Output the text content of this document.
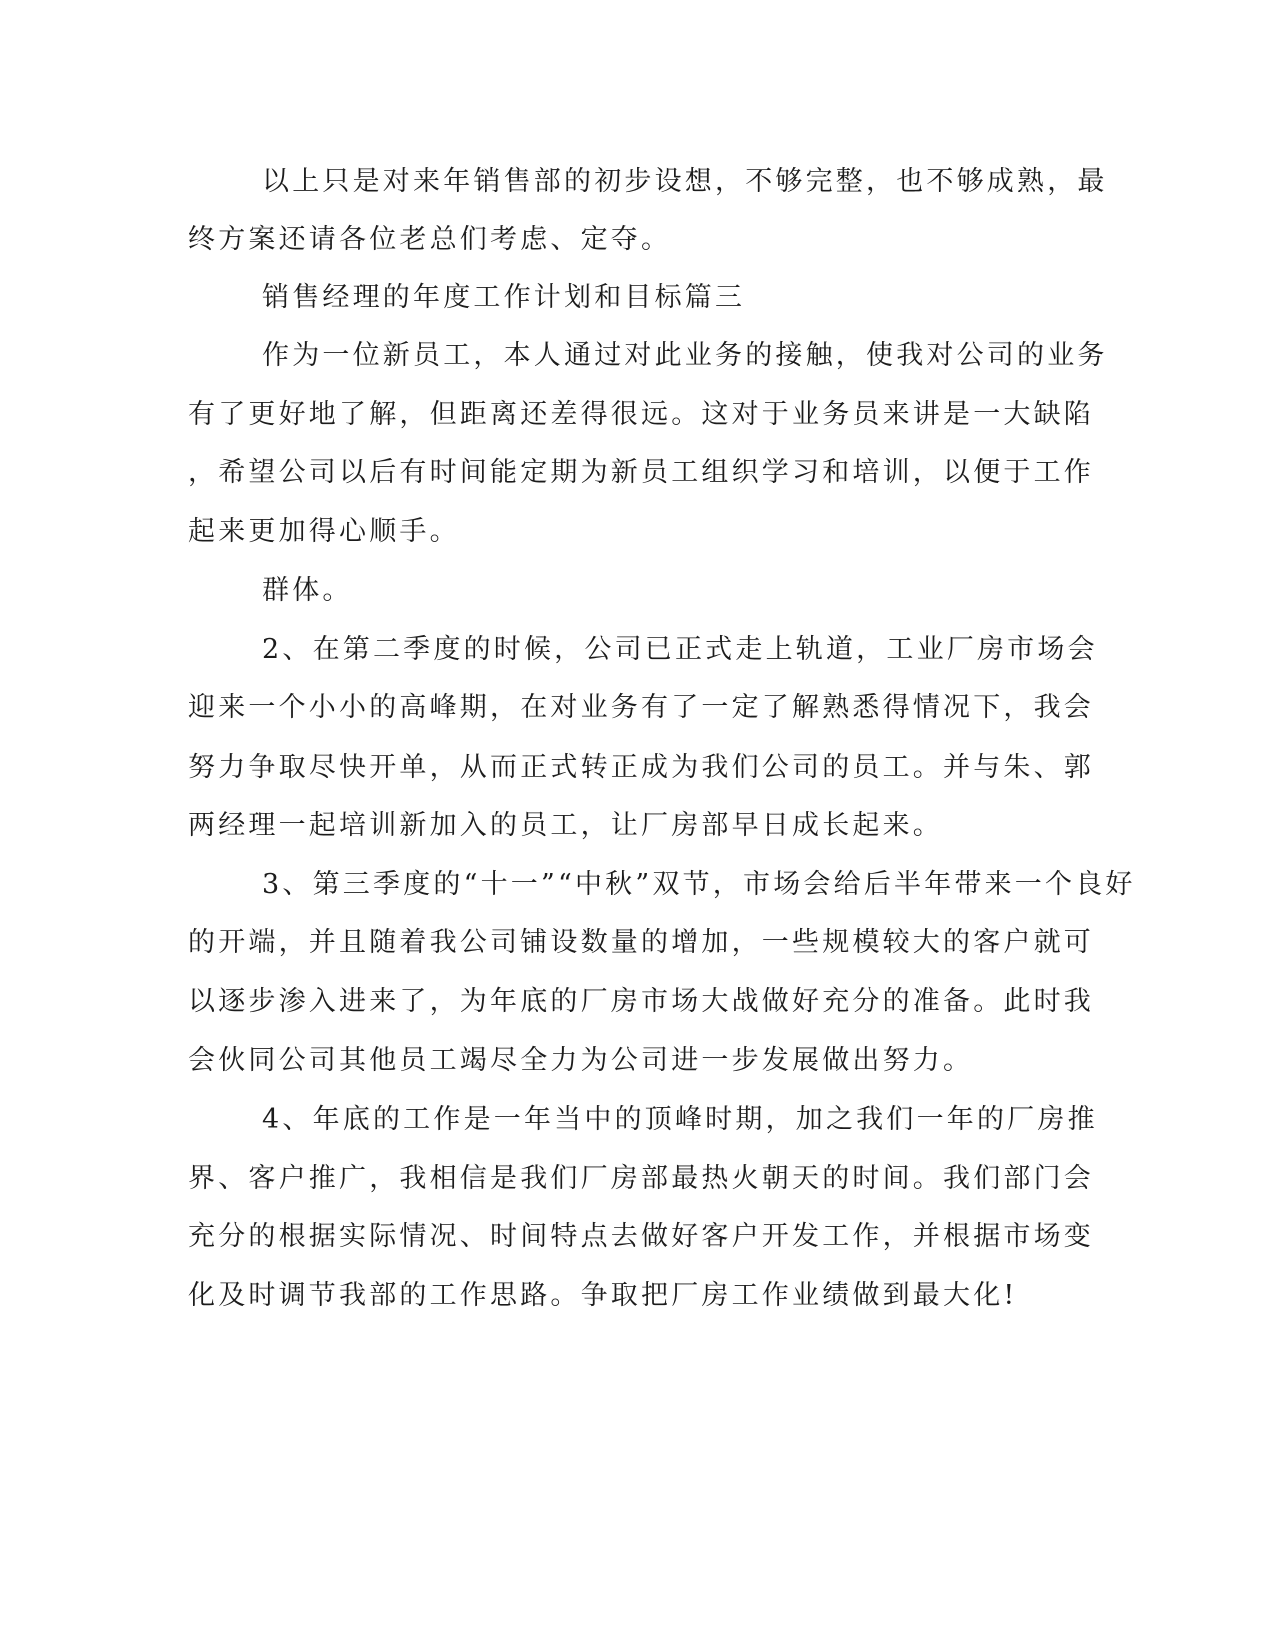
以上只是对来年销售部的初步设想，不够完整，也不够成熟，最
终方案还请各位老总们考虑、定夺。
销售经理的年度工作计划和目标篇三
作为一位新员工，本人通过对此业务的接触，使我对公司的业务
有了更好地了解，但距离还差得很远。这对于业务员来讲是一大缺陷
，希望公司以后有时间能定期为新员工组织学习和培训，以便于工作
起来更加得心顺手。
群体。
2、在第二季度的时候，公司已正式走上轨道，工业厂房市场会
迎来一个小小的高峰期，在对业务有了一定了解熟悉得情况下，我会
努力争取尽快开单，从而正式转正成为我们公司的员工。并与朱、郭
两经理一起培训新加入的员工，让厂房部早日成长起来。
3、第三季度的“十一”“中秋”双节，市场会给后半年带来一个良好
的开端，并且随着我公司铺设数量的增加，一些规模较大的客户就可
以逐步渗入进来了，为年底的厂房市场大战做好充分的准备。此时我
会伙同公司其他员工竭尽全力为公司进一步发展做出努力。
4、年底的工作是一年当中的顶峰时期，加之我们一年的厂房推
界、客户推广，我相信是我们厂房部最热火朝天的时间。我们部门会
充分的根据实际情况、时间特点去做好客户开发工作，并根据市场变
化及时调节我部的工作思路。争取把厂房工作业绩做到最大化!
